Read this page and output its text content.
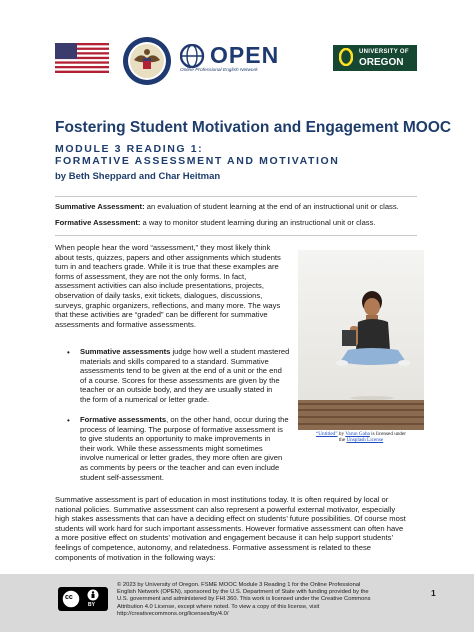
OPEN
Online Professional English Network
UNIVERSITY OF
OREGON
Fostering Student Motivation and Engagement MOOC
MODULE 3 READING 1:
FORMATIVE ASSESSMENT AND MOTIVATION
by Beth Sheppard and Char Heitman
Summative Assessment: an evaluation of student learning at the end of an instructional unit or class.
Formative Assessment: a way to monitor student learning during an instructional unit or class.

When people hear the word “assessment,” they most likely think

about tests, quizzes, papers and other assignments which students

turn in and teachers grade. While it is true that these examples are

forms of assessment, they are not the only forms. In fact,

assessment activities can also include presentations, projects,

observation of daily tasks, exit tickets, dialogues, discussions,

surveys, graphic organizers, reflections, and many more. The ways

that these activities are “graded” can be different for summative

assessments and formative assessments.

• Summative assessments judge how well a student mastered

materials and skills compared to a standard. Summative

assessments tend to be given at the end of a unit or the end

of a course. Scores for these assessments are given by the

teacher or an outside body, and they are usually stated in

the form of a numerical or letter grade.

• Formative assessments, on the other hand, occur during the

process of learning. The purpose of formative assessment is

to give students an opportunity to make improvements in

their work. While these assessments might sometimes

involve numerical or letter grades, they more often are given

as comments by peers or the teacher and can even include

student self-assessment.

“Untitled” by Varun Gaba is licensed under
the Unsplash License

Summative assessment is part of education in most institutions today. It is often required by local or

national policies. Summative assessment can also represent a powerful external motivator, especially

high stakes assessments that can have a deciding effect on students’ future possibilities. Of course most

students will work hard for such important assessments. However formative assessment can often have

a more positive effect on students’ motivation and engagement because it can help support students’

feelings of competence, autonomy, and relatedness. Formative assessment is related to these

components of motivation in the following ways:

cc
BY
© 2023 by University of Oregon. FSME MOOC Module 3 Reading 1 for the Online Professional
English Network (OPEN), sponsored by the U.S. Department of State with funding provided by the
U.S. government and administered by FHI 360. This work is licensed under the Creative Commons
Attribution 4.0 License, except where noted. To view a copy of this license, visit
http://creativecommons.org/licenses/by/4.0/
1
